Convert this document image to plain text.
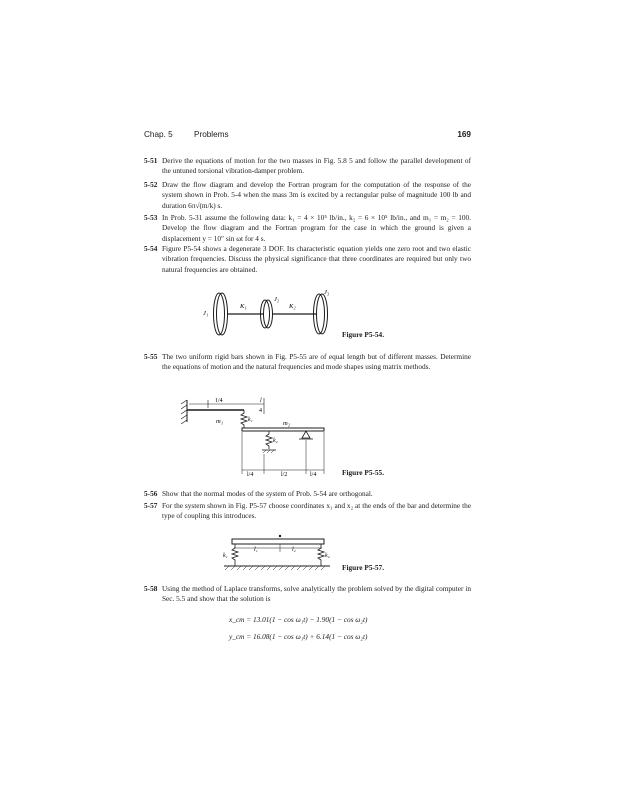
Chap. 5	Problems	169
5-51 Derive the equations of motion for the two masses in Fig. 5.8 5 and follow the parallel development of the untuned torsional vibration-damper problem.
5-52 Draw the flow diagram and develop the Fortran program for the computation of the response of the system shown in Prob. 5-4 when the mass 3m is excited by a rectangular pulse of magnitude 100 lb and duration 6π√(m/k) s.
5-53 In Prob. 5-31 assume the following data: k₁ = 4 × 10⁵ lb/in., k₂ = 6 × 10⁵ lb/in., and m₁ = m₂ = 100. Develop the flow diagram and the Fortran program for the case in which the ground is given a displacement y = 10″ sin ωt for 4 s.
5-54 Figure P5-54 shows a degenerate 3 DOF. Its characteristic equation yields one zero root and two elastic vibration frequencies. Discuss the physical significance that three coordinates are required but only two natural frequencies are obtained.
J₁
K₁
J₂
K₂
J₃
Figure P5-54.
5-55 The two uniform rigid bars shown in Fig. P5-55 are of equal length but of different masses. Determine the equations of motion and the natural frequencies and mode shapes using matrix methods.
1/4	l
4
m₁	k₁	m₂
k₂
l/4	l/2	l/4	Figure P5-55.
5-56 Show that the normal modes of the system of Prob. 5-54 are orthogonal.
5-57 For the system shown in Fig. P5-57 choose coordinates x₁ and x₂ at the ends of the bar and determine the type of coupling this introduces.
l₁	l₂
k₁	k₂
Figure P5-57.
5-58 Using the method of Laplace transforms, solve analytically the problem solved by the digital computer in Sec. 5.5 and show that the solution is
x_cm = 13.01(1 − cos ω₁t) − 1.90(1 − cos ω₂t)
y_cm = 16.08(1 − cos ω₁t) + 6.14(1 − cos ω₂t)
